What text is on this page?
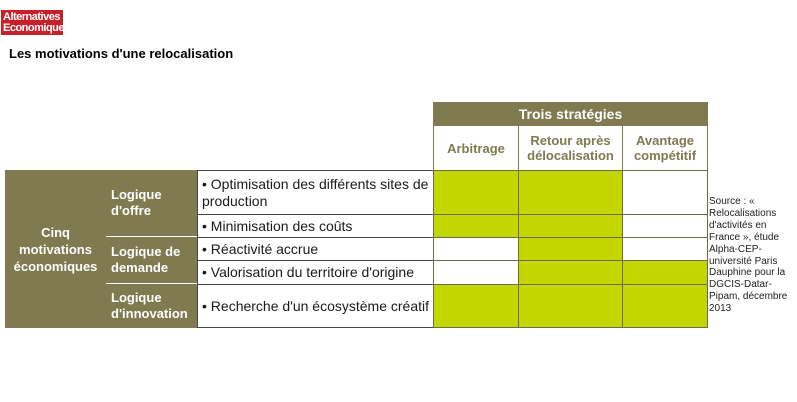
Alternatives
Economiques
Les motivations d'une relocalisation
Trois stratégies
Arbitrage	Retour après délocalisation
Avantage compétitif
Cinq motivations économiques
Logique d'offre
Logique de demande
Logique d'innovation
• Optimisation des différents sites de production
• Minimisation des coûts
• Réactivité accrue
• Valorisation du territoire d'origine
• Recherche d'un écosystème créatif
Source : « Relocalisations d'activités en France », étude Alpha-CEP-université Paris Dauphine pour la DGCIS-Datar-Pipam, décembre 2013
